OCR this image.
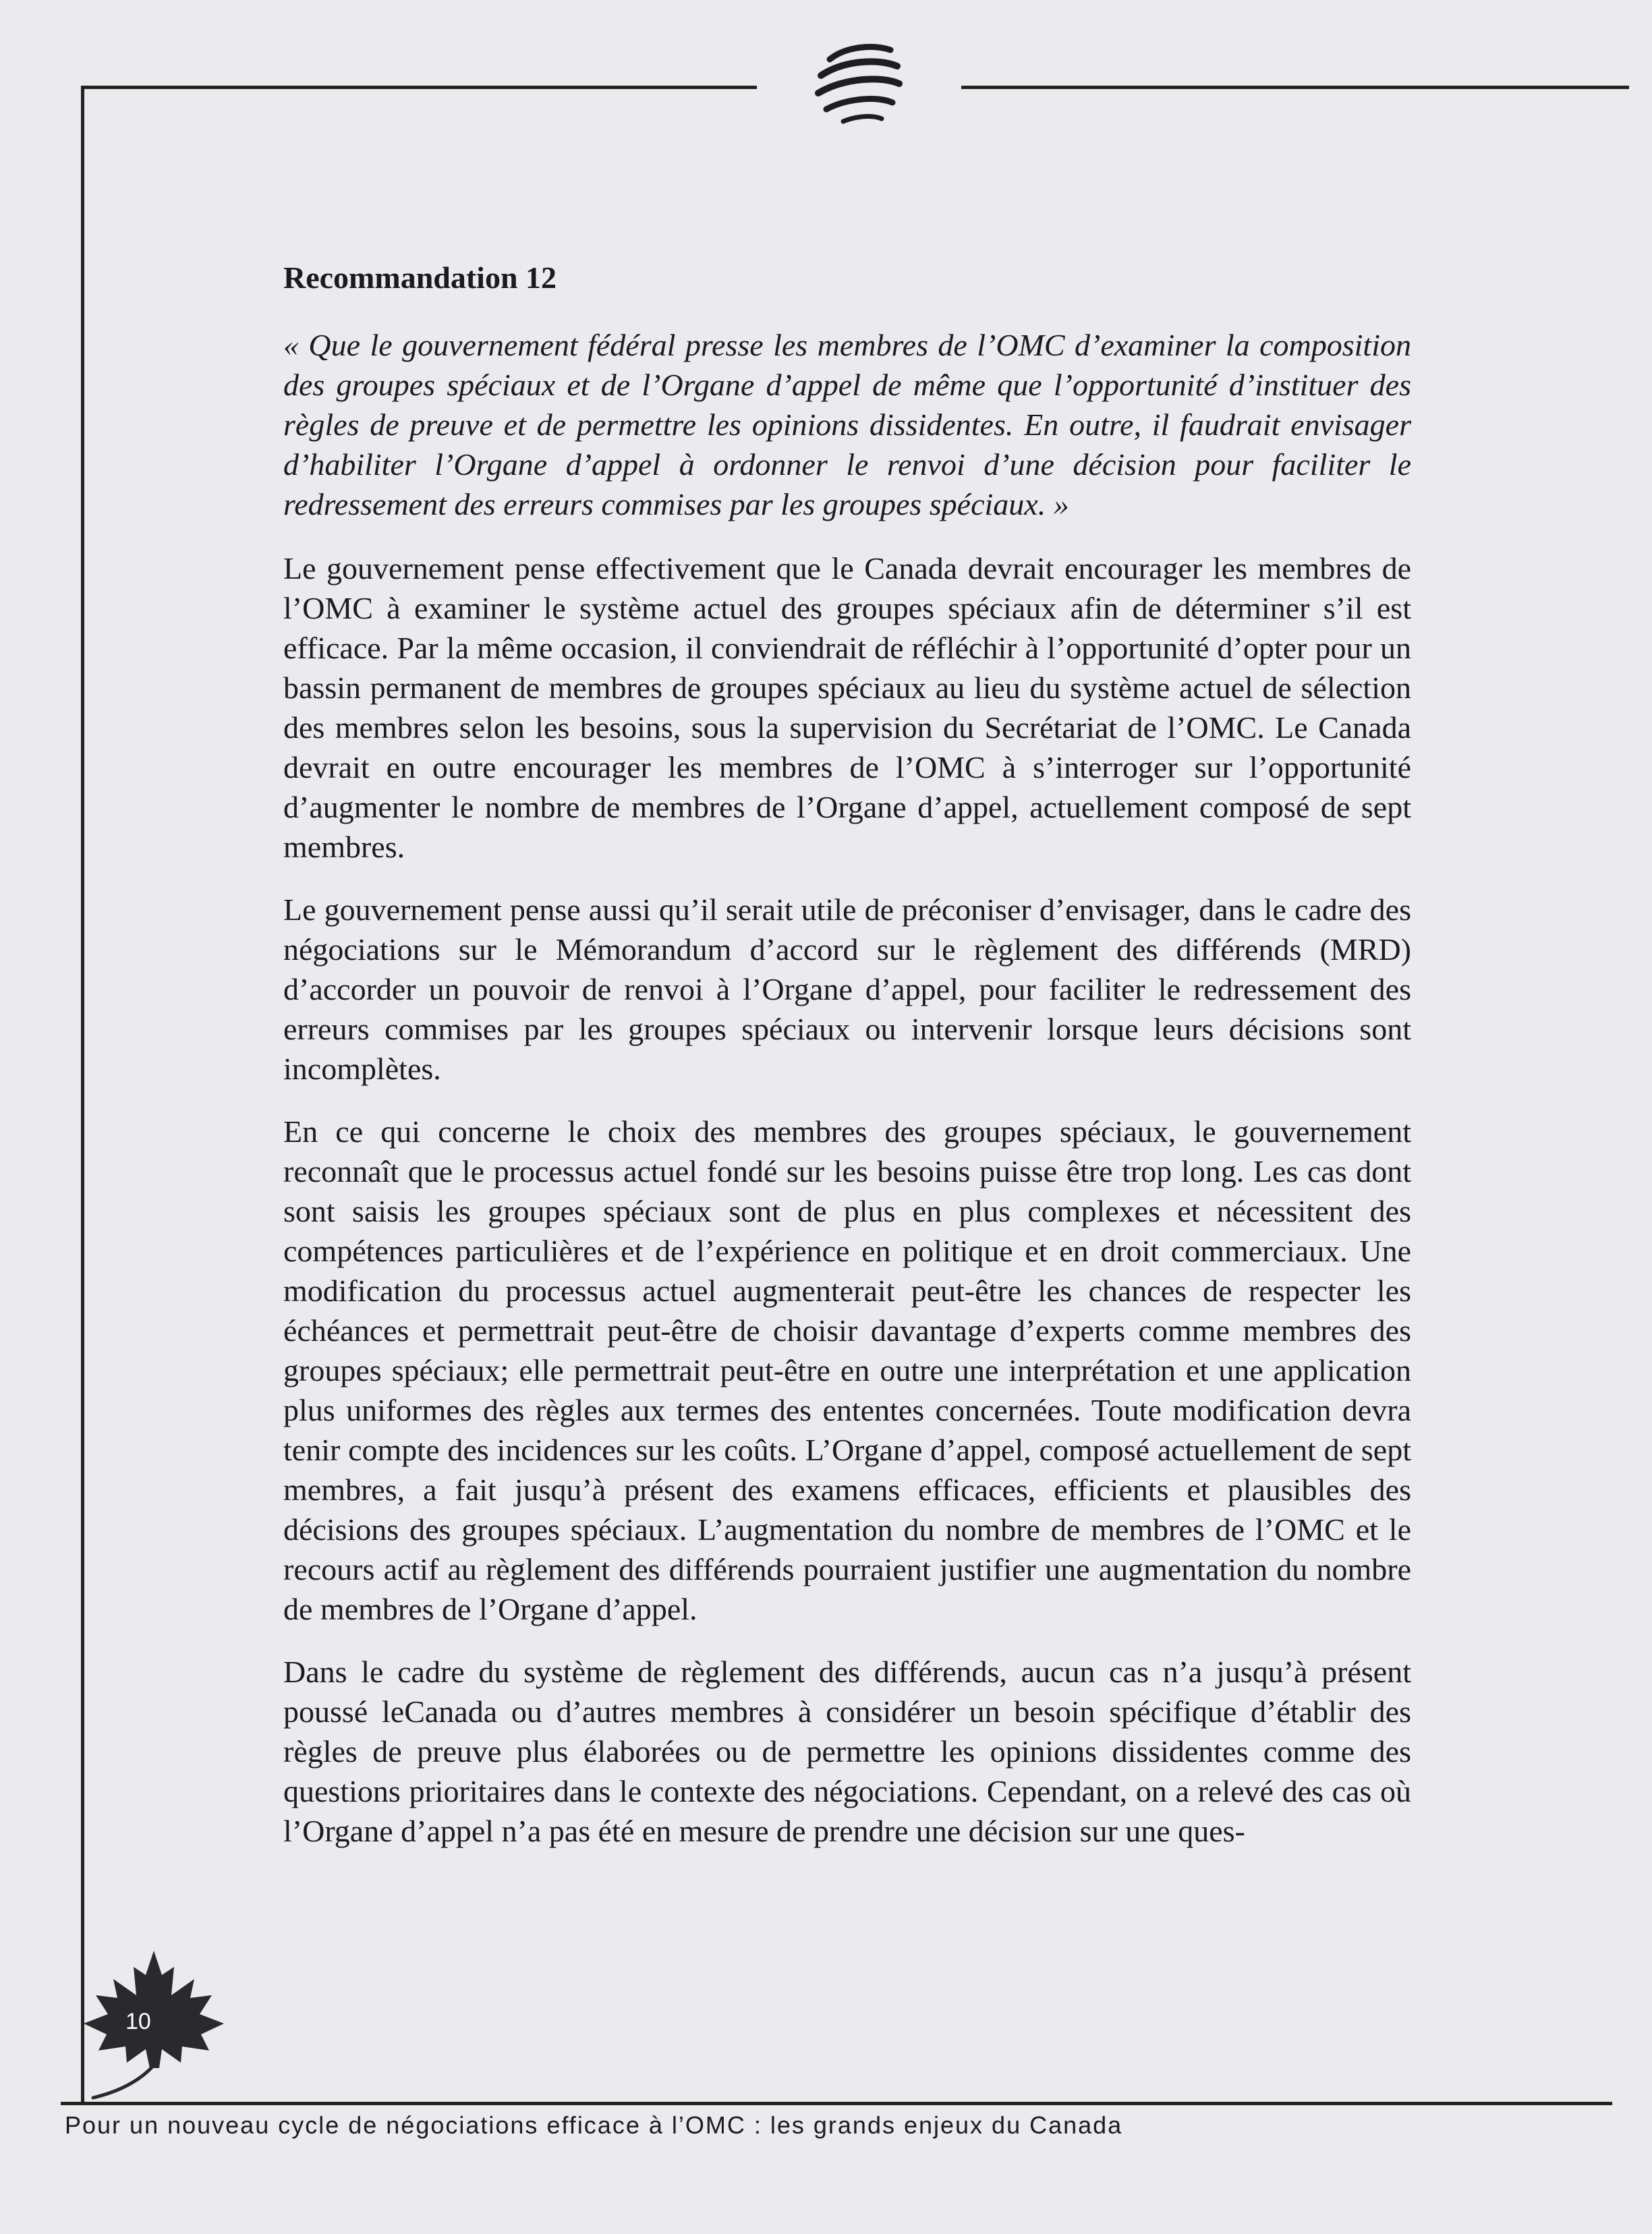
Recommandation 12

« Que le gouvernement fédéral presse les membres de l’OMC d’examiner la composition des groupes spéciaux et de l’Organe d’appel de même que l’opportunité d’instituer des règles de preuve et de permettre les opinions dissidentes. En outre, il faudrait envisager d’habiliter l’Organe d’appel à ordonner le renvoi d’une décision pour faciliter le redressement des erreurs commises par les groupes spéciaux. »

Le gouvernement pense effectivement que le Canada devrait encourager les membres de l’OMC à examiner le système actuel des groupes spéciaux afin de déterminer s’il est efficace. Par la même occasion, il conviendrait de réfléchir à l’opportunité d’opter pour un bassin permanent de membres de groupes spéciaux au lieu du système actuel de sélection des membres selon les besoins, sous la supervision du Secrétariat de l’OMC. Le Canada devrait en outre encourager les membres de l’OMC à s’interroger sur l’opportunité d’augmenter le nombre de membres de l’Organe d’appel, actuellement composé de sept membres.

Le gouvernement pense aussi qu’il serait utile de préconiser d’envisager, dans le cadre des négociations sur le Mémorandum d’accord sur le règlement des différends (MRD) d’accorder un pouvoir de renvoi à l’Organe d’appel, pour faciliter le redressement des erreurs commises par les groupes spéciaux ou intervenir lorsque leurs décisions sont incomplètes.

En ce qui concerne le choix des membres des groupes spéciaux, le gouvernement reconnaît que le processus actuel fondé sur les besoins puisse être trop long. Les cas dont sont saisis les groupes spéciaux sont de plus en plus complexes et nécessitent des compétences particulières et de l’expérience en politique et en droit commerciaux. Une modification du processus actuel augmenterait peut-être les chances de respecter les échéances et permettrait peut-être de choisir davantage d’experts comme membres des groupes spéciaux; elle permettrait peut-être en outre une interprétation et une application plus uniformes des règles aux termes des ententes concernées. Toute modification devra tenir compte des incidences sur les coûts. L’Organe d’appel, composé actuellement de sept membres, a fait jusqu’à présent des examens efficaces, efficients et plausibles des décisions des groupes spéciaux. L’augmentation du nombre de membres de l’OMC et le recours actif au règlement des différends pourraient justifier une augmentation du nombre de membres de l’Organe d’appel.

Dans le cadre du système de règlement des différends, aucun cas n’a jusqu’à présent poussé leCanada ou d’autres membres à considérer un besoin spécifique d’établir des règles de preuve plus élaborées ou de permettre les opinions dissidentes comme des questions prioritaires dans le contexte des négociations. Cependant, on a relevé des cas où l’Organe d’appel n’a pas été en mesure de prendre une décision sur une ques-

10
Pour un nouveau cycle de négociations efficace à l’OMC : les grands enjeux du Canada
